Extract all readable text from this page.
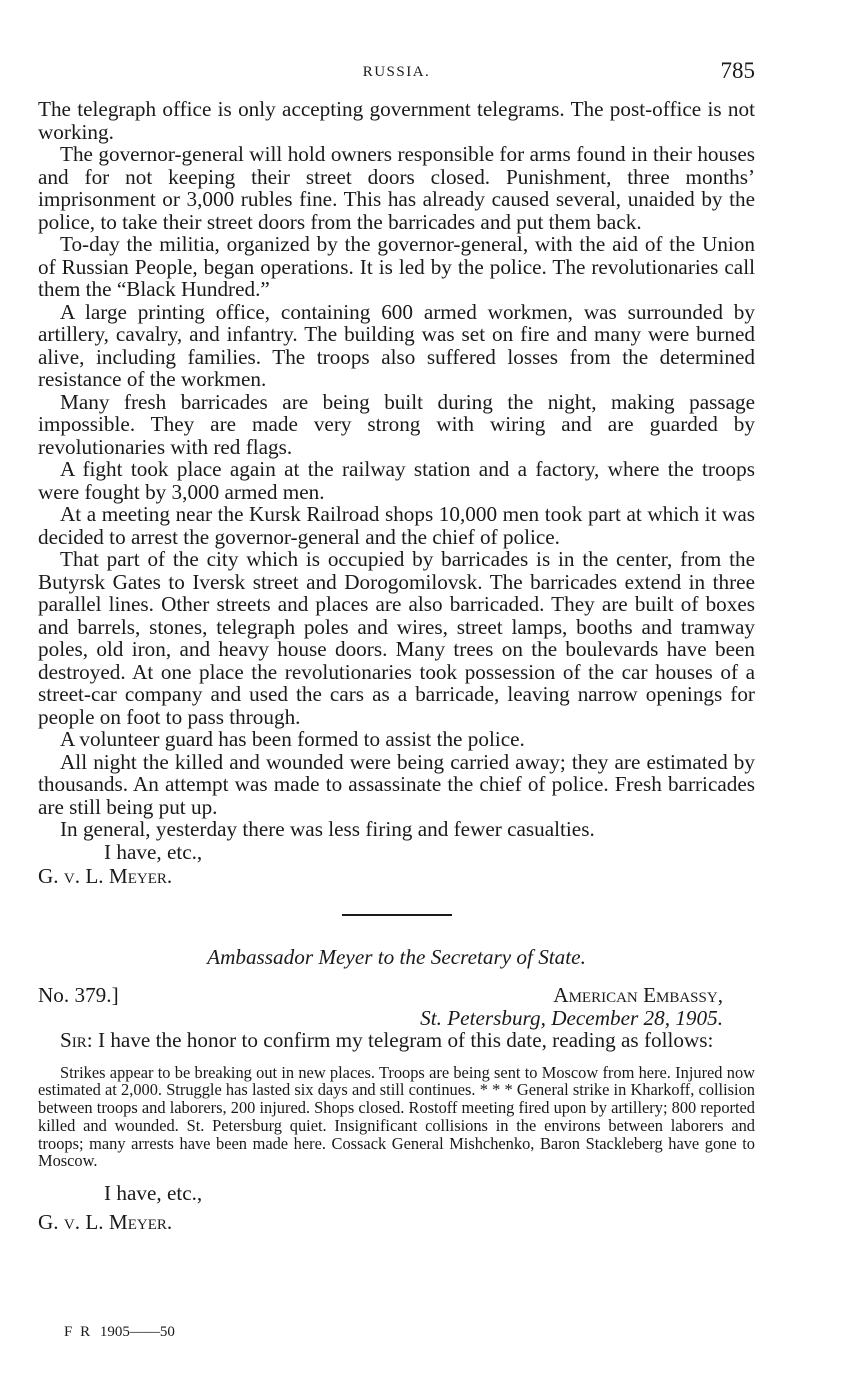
RUSSIA.	785

The telegraph office is only accepting government telegrams. The post-office is not working.

The governor-general will hold owners responsible for arms found in their houses and for not keeping their street doors closed. Punishment, three months’ imprisonment or 3,000 rubles fine. This has already caused several, unaided by the police, to take their street doors from the barricades and put them back.

To-day the militia, organized by the governor-general, with the aid of the Union of Russian People, began operations. It is led by the police. The revolutionaries call them the “Black Hundred.”

A large printing office, containing 600 armed workmen, was surrounded by artillery, cavalry, and infantry. The building was set on fire and many were burned alive, including families. The troops also suffered losses from the determined resistance of the workmen.

Many fresh barricades are being built during the night, making passage impossible. They are made very strong with wiring and are guarded by revolutionaries with red flags.

A fight took place again at the railway station and a factory, where the troops were fought by 3,000 armed men.

At a meeting near the Kursk Railroad shops 10,000 men took part at which it was decided to arrest the governor-general and the chief of police.

That part of the city which is occupied by barricades is in the center, from the Butyrsk Gates to Iversk street and Dorogomilovsk. The barricades extend in three parallel lines. Other streets and places are also barricaded. They are built of boxes and barrels, stones, telegraph poles and wires, street lamps, booths and tramway poles, old iron, and heavy house doors. Many trees on the boulevards have been destroyed. At one place the revolutionaries took possession of the car houses of a street-car company and used the cars as a barricade, leaving narrow openings for people on foot to pass through.

A volunteer guard has been formed to assist the police.

All night the killed and wounded were being carried away; they are estimated by thousands. An attempt was made to assassinate the chief of police. Fresh barricades are still being put up.

In general, yesterday there was less firing and fewer casualties.

I have, etc.,

G. v. L. Meyer.

Ambassador Meyer to the Secretary of State.

No. 379.]	American Embassy,
St. Petersburg, December 28, 1905.

Sir: I have the honor to confirm my telegram of this date, reading as follows:

Strikes appear to be breaking out in new places. Troops are being sent to Moscow from here. Injured now estimated at 2,000. Struggle has lasted six days and still continues. * * * General strike in Kharkoff, collision between troops and laborers, 200 injured. Shops closed. Rostoff meeting fired upon by artillery; 800 reported killed and wounded. St. Petersburg quiet. Insignificant collisions in the environs between laborers and troops; many arrests have been made here. Cossack General Mishchenko, Baron Stackleberg have gone to Moscow.

I have, etc.,

G. v. L. Meyer.

F R 1905——50
